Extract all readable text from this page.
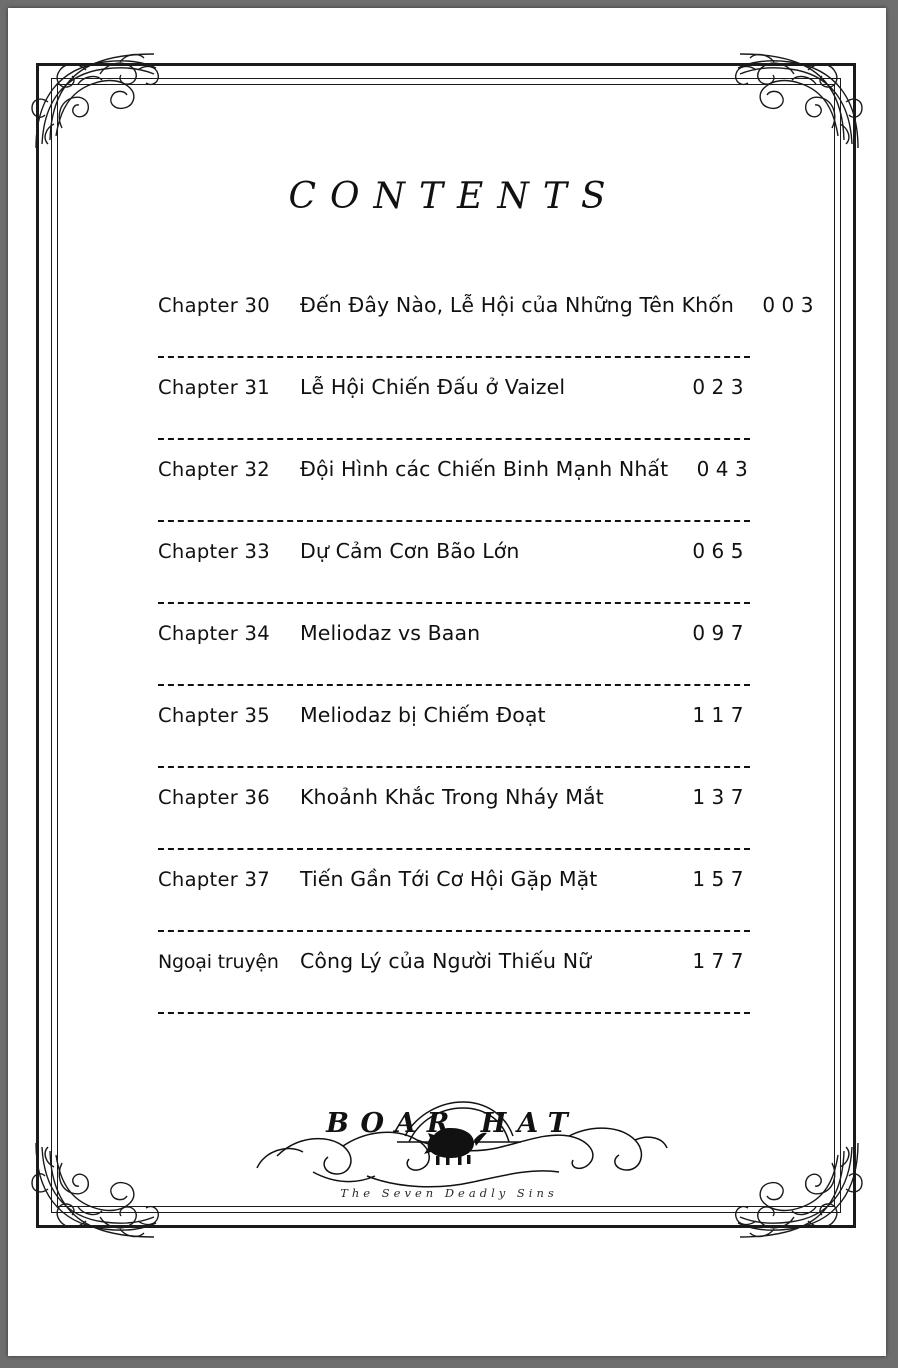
CONTENTS
Chapter 30	Đến Đây Nào, Lễ Hội của Những Tên Khốn	003
Chapter 31	Lễ Hội Chiến Đấu ở Vaizel	023
Chapter 32	Đội Hình các Chiến Binh Mạnh Nhất	043
Chapter 33	Dự Cảm Cơn Bão Lớn	065
Chapter 34	Meliodaz vs Baan	097
Chapter 35	Meliodaz bị Chiếm Đoạt	117
Chapter 36	Khoảnh Khắc Trong Nháy Mắt	137
Chapter 37	Tiến Gần Tới Cơ Hội Gặp Mặt	157
Ngoại truyện	Công Lý của Người Thiếu Nữ	177
BOAR HAT
The Seven Deadly Sins
